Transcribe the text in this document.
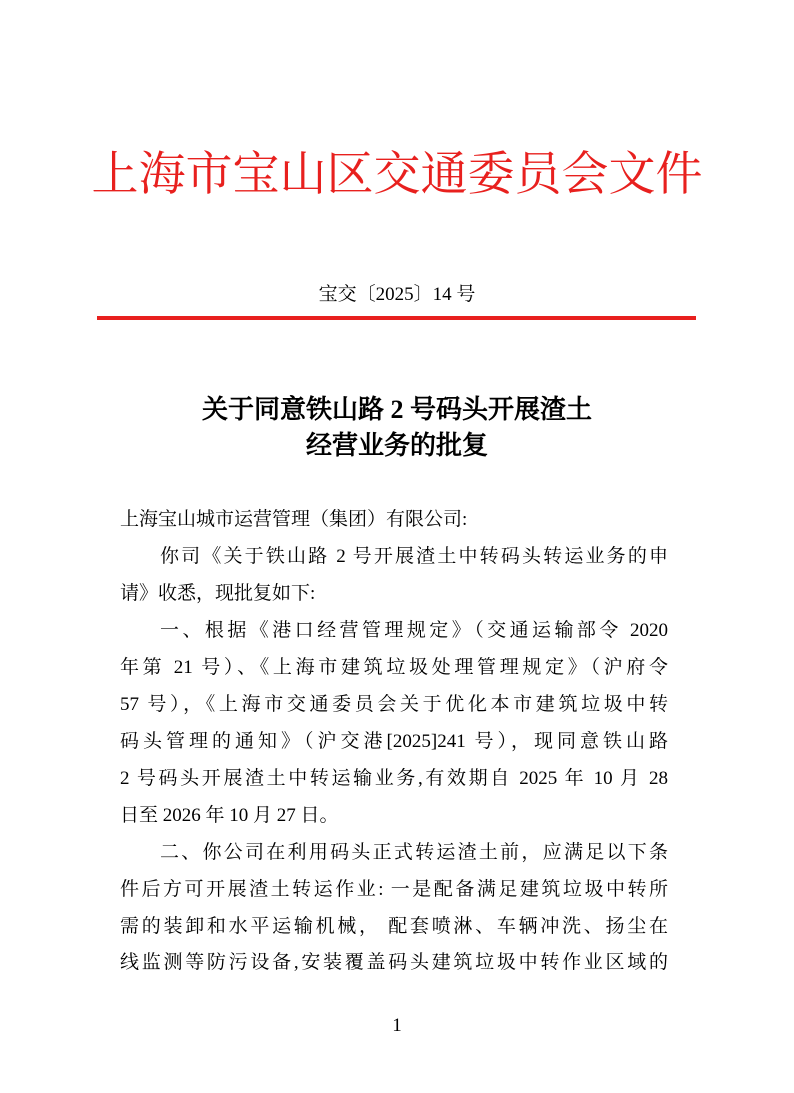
上海市宝山区交通委员会文件
宝交〔2025〕14 号
关于同意铁山路 2 号码头开展渣土
经营业务的批复
上海宝山城市运营管理（集团）有限公司:
你司《关于铁山路 2 号开展渣土中转码头转运业务的申
请》收悉，现批复如下:
一、根据《港口经营管理规定》（交通运输部令 2020
年第 21 号）、《上海市建筑垃圾处理管理规定》（沪府令
57 号），《上海市交通委员会关于优化本市建筑垃圾中转
码头管理的通知》（沪交港[2025]241 号），现同意铁山路
2 号码头开展渣土中转运输业务,有效期自 2025 年 10 月 28
日至 2026 年 10 月 27 日。
二、你公司在利用码头正式转运渣土前，应满足以下条
件后方可开展渣土转运作业: 一是配备满足建筑垃圾中转所
需的装卸和水平运输机械， 配套喷淋、车辆冲洗、扬尘在
线监测等防污设备,安装覆盖码头建筑垃圾中转作业区域的
1
